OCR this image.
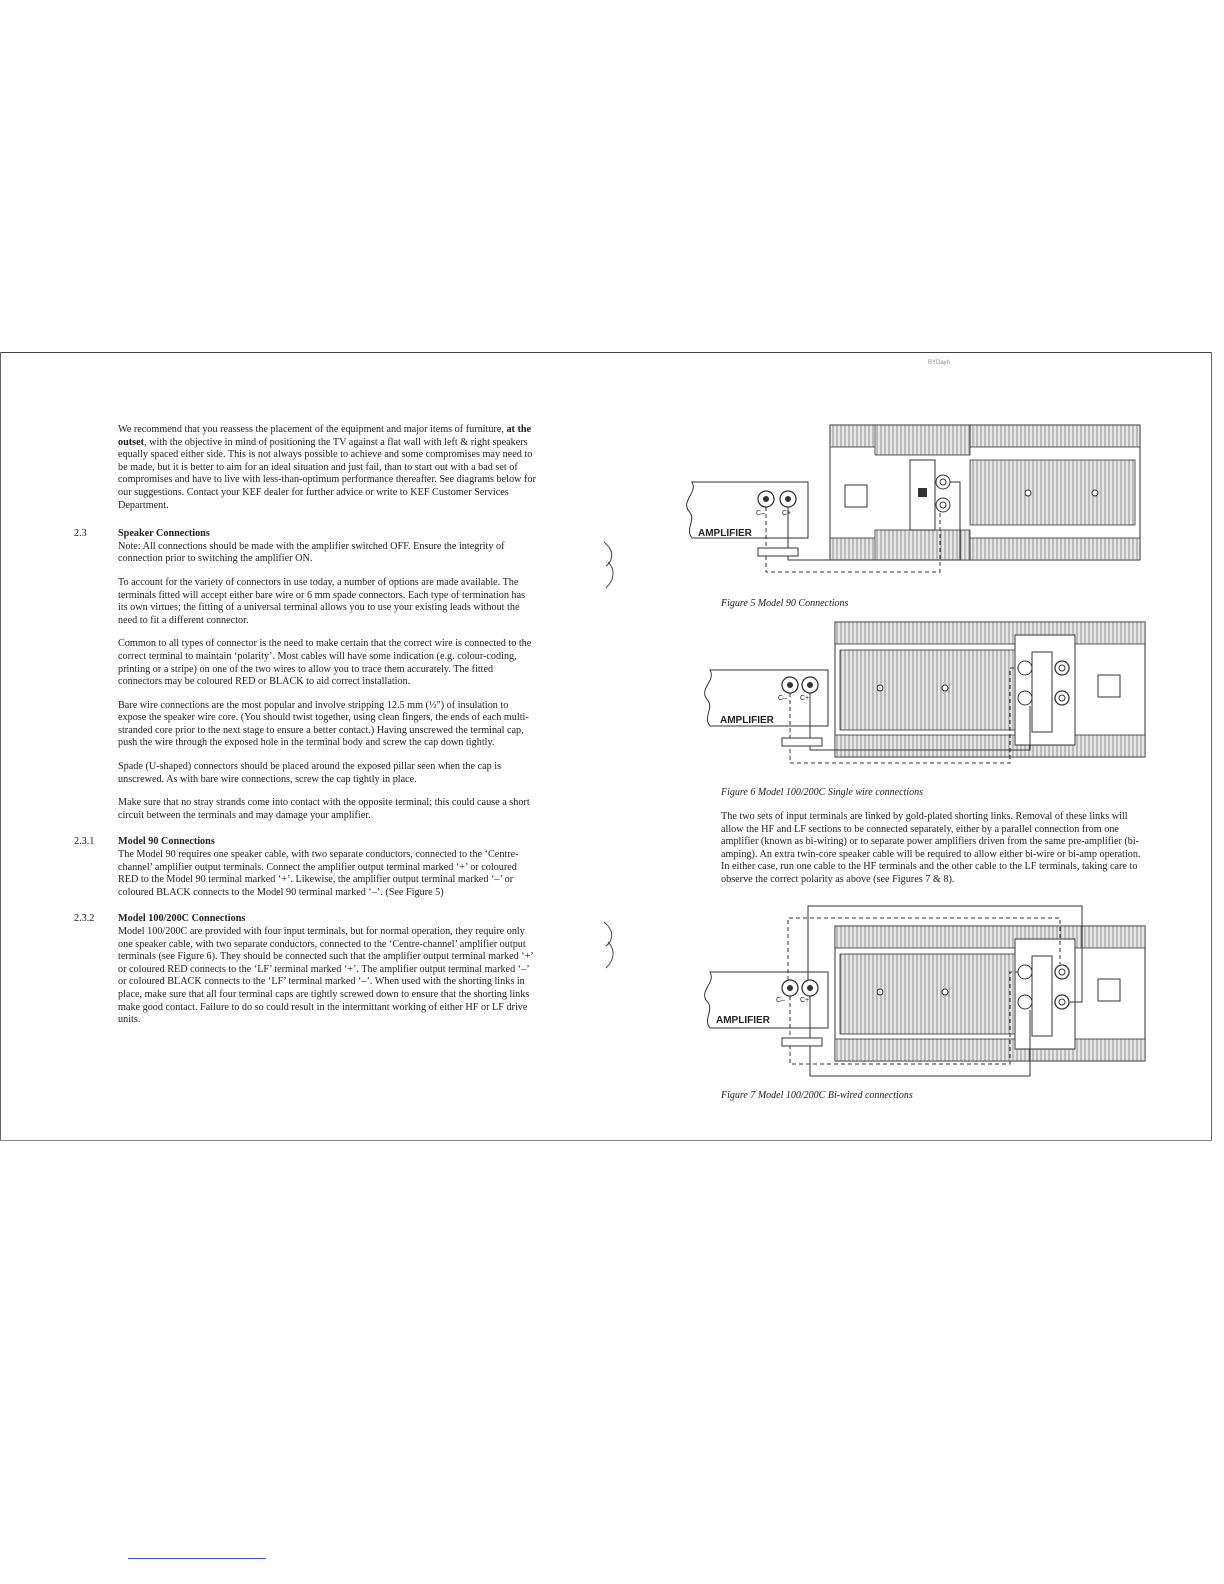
BYDayh

We recommend that you reassess the placement of the equipment and major items of furniture, at the outset, with the objective in mind of positioning the TV against a flat wall with left & right speakers equally spaced either side. This is not always possible to achieve and some compromises may need to be made, but it is better to aim for an ideal situation and just fail, than to start out with a bad set of compromises and have to live with less-than-optimum performance thereafter. See diagrams below for our suggestions. Contact your KEF dealer for further advice or write to KEF Customer Services Department.

2.3	Speaker Connections

Note: All connections should be made with the amplifier switched OFF. Ensure the integrity of connection prior to switching the amplifier ON.

To account for the variety of connectors in use today, a number of options are made available. The terminals fitted will accept either bare wire or 6 mm spade connectors. Each type of termination has its own virtues; the fitting of a universal terminal allows you to use your existing leads without the need to fit a different connector.

Common to all types of connector is the need to make certain that the correct wire is connected to the correct terminal to maintain ‘polarity’. Most cables will have some indication (e.g. colour-coding, printing or a stripe) on one of the two wires to allow you to trace them accurately. The fitted connectors may be coloured RED or BLACK to aid correct installation.

Bare wire connections are the most popular and involve stripping 12.5 mm (½") of insulation to expose the speaker wire core. (You should twist together, using clean fingers, the ends of each multi-stranded core prior to the next stage to ensure a better contact.) Having unscrewed the terminal cap, push the wire through the exposed hole in the terminal body and screw the cap down tightly.

Spade (U-shaped) connectors should be placed around the exposed pillar seen when the cap is unscrewed. As with bare wire connections, screw the cap tightly in place.

Make sure that no stray strands come into contact with the opposite terminal; this could cause a short circuit between the terminals and may damage your amplifier.

2.3.1 Model 90 Connections

The Model 90 requires one speaker cable, with two separate conductors, connected to the ‘Centre-channel’ amplifier output terminals. Connect the amplifier output terminal marked ‘+’ or coloured RED to the Model 90 terminal marked ‘+’. Likewise, the amplifier output terminal marked ‘–’ or coloured BLACK connects to the Model 90 terminal marked ‘–’. (See Figure 5)

2.3.2 Model 100/200C Connections

Model 100/200C are provided with four input terminals, but for normal operation, they require only one speaker cable, with two separate conductors, connected to the ‘Centre-channel’ amplifier output terminals (see Figure 6). They should be connected such that the amplifier output terminal marked ‘+’ or coloured RED connects to the ‘LF’ terminal marked ‘+’. The amplifier output terminal marked ‘–’ or coloured BLACK connects to the ‘LF’ terminal marked ‘–’. When used with the shorting links in place, make sure that all four terminal caps are tightly screwed down to ensure that the shorting links make good contact. Failure to do so could result in the intermittant working of either HF or LF drive units.

AMPLIFIER
C– C+
Figure 5 Model 90 Connections
AMPLIFIER
C– C+
Figure 6 Model 100/200C Single wire connections
The two sets of input terminals are linked by gold-plated shorting links. Removal of these links will allow the HF and LF sections to be connected separately, either by a parallel connection from one amplifier (known as bi-wiring) or to separate power amplifiers driven from the same pre-amplifier (bi-amping). An extra twin-core speaker cable will be required to allow either bi-wire or bi-amp operation. In either case, run one cable to the HF terminals and the other cable to the LF terminals, taking care to observe the correct polarity as above (see Figures 7 & 8).
AMPLIFIER
C– C+
Figure 7 Model 100/200C Bi-wired connections
